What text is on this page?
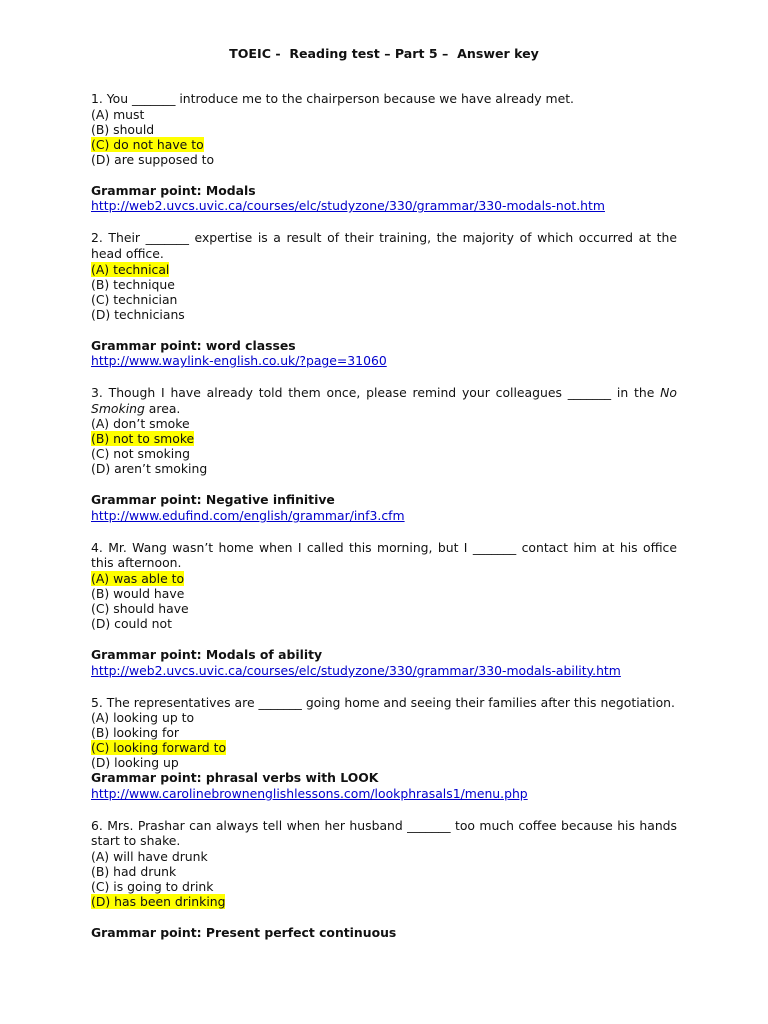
TOEIC -  Reading test – Part 5 –  Answer key
1. You _______ introduce me to the chairperson because we have already met.
(A) must
(B) should
(C) do not have to
(D) are supposed to
Grammar point: Modals
http://web2.uvcs.uvic.ca/courses/elc/studyzone/330/grammar/330-modals-not.htm
2. Their _______ expertise is a result of their training, the majority of which occurred at the head office.
(A) technical
(B) technique
(C) technician
(D) technicians
Grammar point: word classes
http://www.waylink-english.co.uk/?page=31060
3. Though I have already told them once, please remind your colleagues _______ in the No Smoking area.
(A) don’t smoke
(B) not to smoke
(C) not smoking
(D) aren’t smoking
Grammar point: Negative infinitive
http://www.edufind.com/english/grammar/inf3.cfm
4. Mr. Wang wasn’t home when I called this morning, but I _______ contact him at his office this afternoon.
(A) was able to
(B) would have
(C) should have
(D) could not
Grammar point: Modals of ability
http://web2.uvcs.uvic.ca/courses/elc/studyzone/330/grammar/330-modals-ability.htm
5. The representatives are _______ going home and seeing their families after this negotiation.
(A) looking up to
(B) looking for
(C) looking forward to
(D) looking up
Grammar point: phrasal verbs with LOOK
http://www.carolinebrownenglishlessons.com/lookphrasals1/menu.php
6. Mrs. Prashar can always tell when her husband _______ too much coffee because his hands start to shake.
(A) will have drunk
(B) had drunk
(C) is going to drink
(D) has been drinking
Grammar point: Present perfect continuous
